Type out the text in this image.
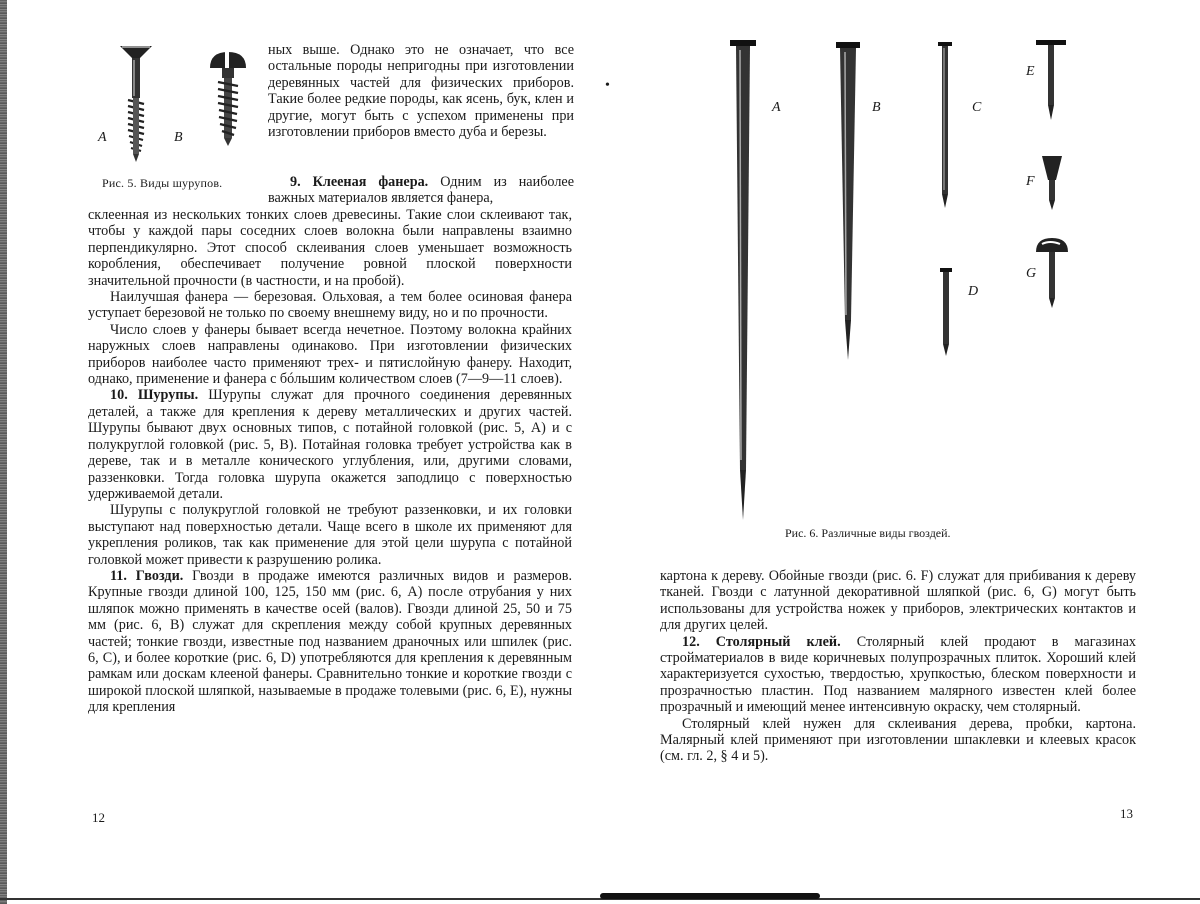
•
A	B
Рис. 5. Виды шурупов.

ных выше. Однако это не означает, что все остальные породы непригодны при изготовлении деревянных частей для физических приборов. Такие более редкие породы, как ясень, бук, клен и другие, могут быть с успехом применены при изготовлении приборов вместо дуба и березы.

9. Клееная фанера. Одним из наиболее важных материалов является фанера,

склеенная из нескольких тонких слоев древесины. Такие слои склеивают так, чтобы у каждой пары соседних слоев волокна были направлены взаимно перпендикулярно. Этот способ склеивания слоев уменьшает возможность коробления, обеспечивает получение ровной плоской поверхности значительной прочности (в частности, и на пробой).

Наилучшая фанера — березовая. Ольховая, а тем более осиновая фанера уступает березовой не только по своему внешнему виду, но и по прочности.

Число слоев у фанеры бывает всегда нечетное. Поэтому волокна крайних наружных слоев направлены одинаково. При изготовлении физических приборов наиболее часто применяют трех- и пятислойную фанеру. Находит, однако, применение и фанера с бóльшим количеством слоев (7—9—11 слоев).

10. Шурупы. Шурупы служат для прочного соединения деревянных деталей, а также для крепления к дереву металлических и других частей. Шурупы бывают двух основных типов, с потайной головкой (рис. 5, A) и с полукруглой головкой (рис. 5, B). Потайная головка требует устройства как в дереве, так и в металле конического углубления, или, другими словами, раззенковки. Тогда головка шурупа окажется заподлицо с поверхностью удерживаемой детали.

Шурупы с полукруглой головкой не требуют раззенковки, и их головки выступают над поверхностью детали. Чаще всего в школе их применяют для укрепления роликов, так как применение для этой цели шурупа с потайной головкой может привести к разрушению ролика.

11. Гвозди. Гвозди в продаже имеются различных видов и размеров. Крупные гвозди длиной 100, 125, 150 мм (рис. 6, A) после отрубания у них шляпок можно применять в качестве осей (валов). Гвозди длиной 25, 50 и 75 мм (рис. 6, B) служат для скрепления между собой крупных деревянных частей; тонкие гвозди, известные под названием драночных или шпилек (рис. 6, C), и более короткие (рис. 6, D) употребляются для крепления к деревянным рамкам или доскам клееной фанеры. Сравнительно тонкие и короткие гвозди с широкой плоской шляпкой, называемые в продаже толевыми (рис. 6, E), нужны для крепления

12
A	B	C
D
E
F
G
Рис. 6. Различные виды гвоздей.

картона к дереву. Обойные гвозди (рис. 6. F) служат для прибивания к дереву тканей. Гвозди с латунной декоративной шляпкой (рис. 6, G) могут быть использованы для устройства ножек у приборов, электрических контактов и для других целей.

12. Столярный клей. Столярный клей продают в магазинах стройматериалов в виде коричневых полупрозрачных плиток. Хороший клей характеризуется сухостью, твердостью, хрупкостью, блеском поверхности и прозрачностью пластин. Под названием малярного известен клей более прозрачный и имеющий менее интенсивную окраску, чем столярный.

Столярный клей нужен для склеивания дерева, пробки, картона. Малярный клей применяют при изготовлении шпаклевки и клеевых красок (см. гл. 2, § 4 и 5).

13
